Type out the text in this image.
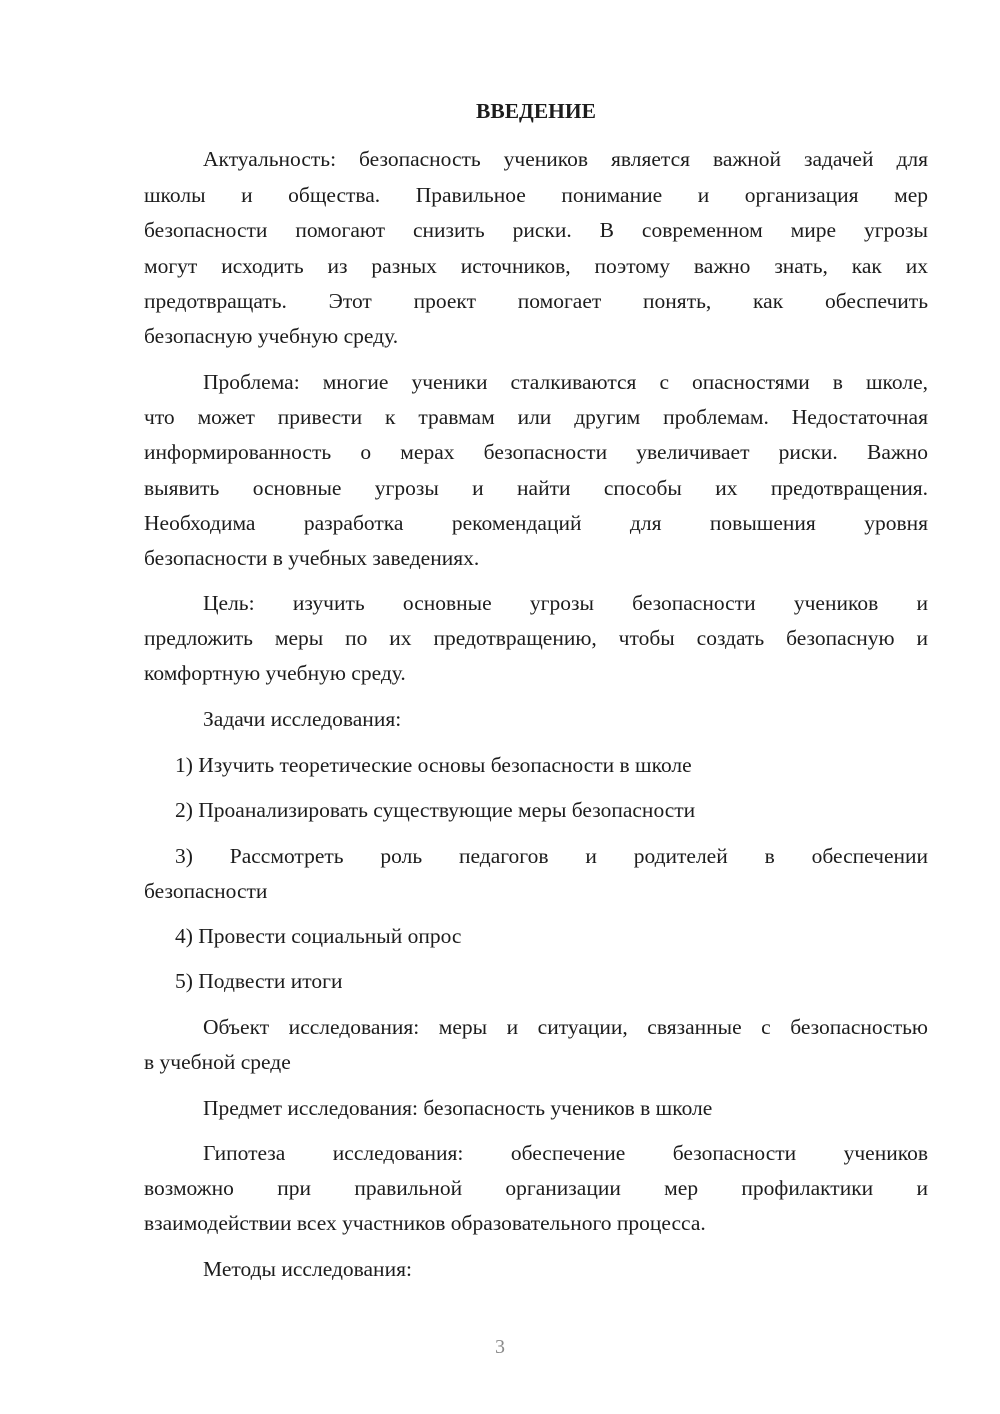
ВВЕДЕНИЕ
Актуальность: безопасность учеников является важной задачей для
школы и общества. Правильное понимание и организация мер
безопасности помогают снизить риски. В современном мире угрозы
могут исходить из разных источников, поэтому важно знать, как их
предотвращать. Этот проект помогает понять, как обеспечить
безопасную учебную среду.
Проблема: многие ученики сталкиваются с опасностями в школе,
что может привести к травмам или другим проблемам. Недостаточная
информированность о мерах безопасности увеличивает риски. Важно
выявить основные угрозы и найти способы их предотвращения.
Необходима разработка рекомендаций для повышения уровня
безопасности в учебных заведениях.
Цель: изучить основные угрозы безопасности учеников и
предложить меры по их предотвращению, чтобы создать безопасную и
комфортную учебную среду.
Задачи исследования:
1) Изучить теоретические основы безопасности в школе
2) Проанализировать существующие меры безопасности
3) Рассмотреть роль педагогов и родителей в обеспечении
безопасности
4) Провести социальный опрос
5) Подвести итоги
Объект исследования: меры и ситуации, связанные с безопасностью
в учебной среде
Предмет исследования: безопасность учеников в школе
Гипотеза исследования: обеспечение безопасности учеников
возможно при правильной организации мер профилактики и
взаимодействии всех участников образовательного процесса.
Методы исследования:
3
